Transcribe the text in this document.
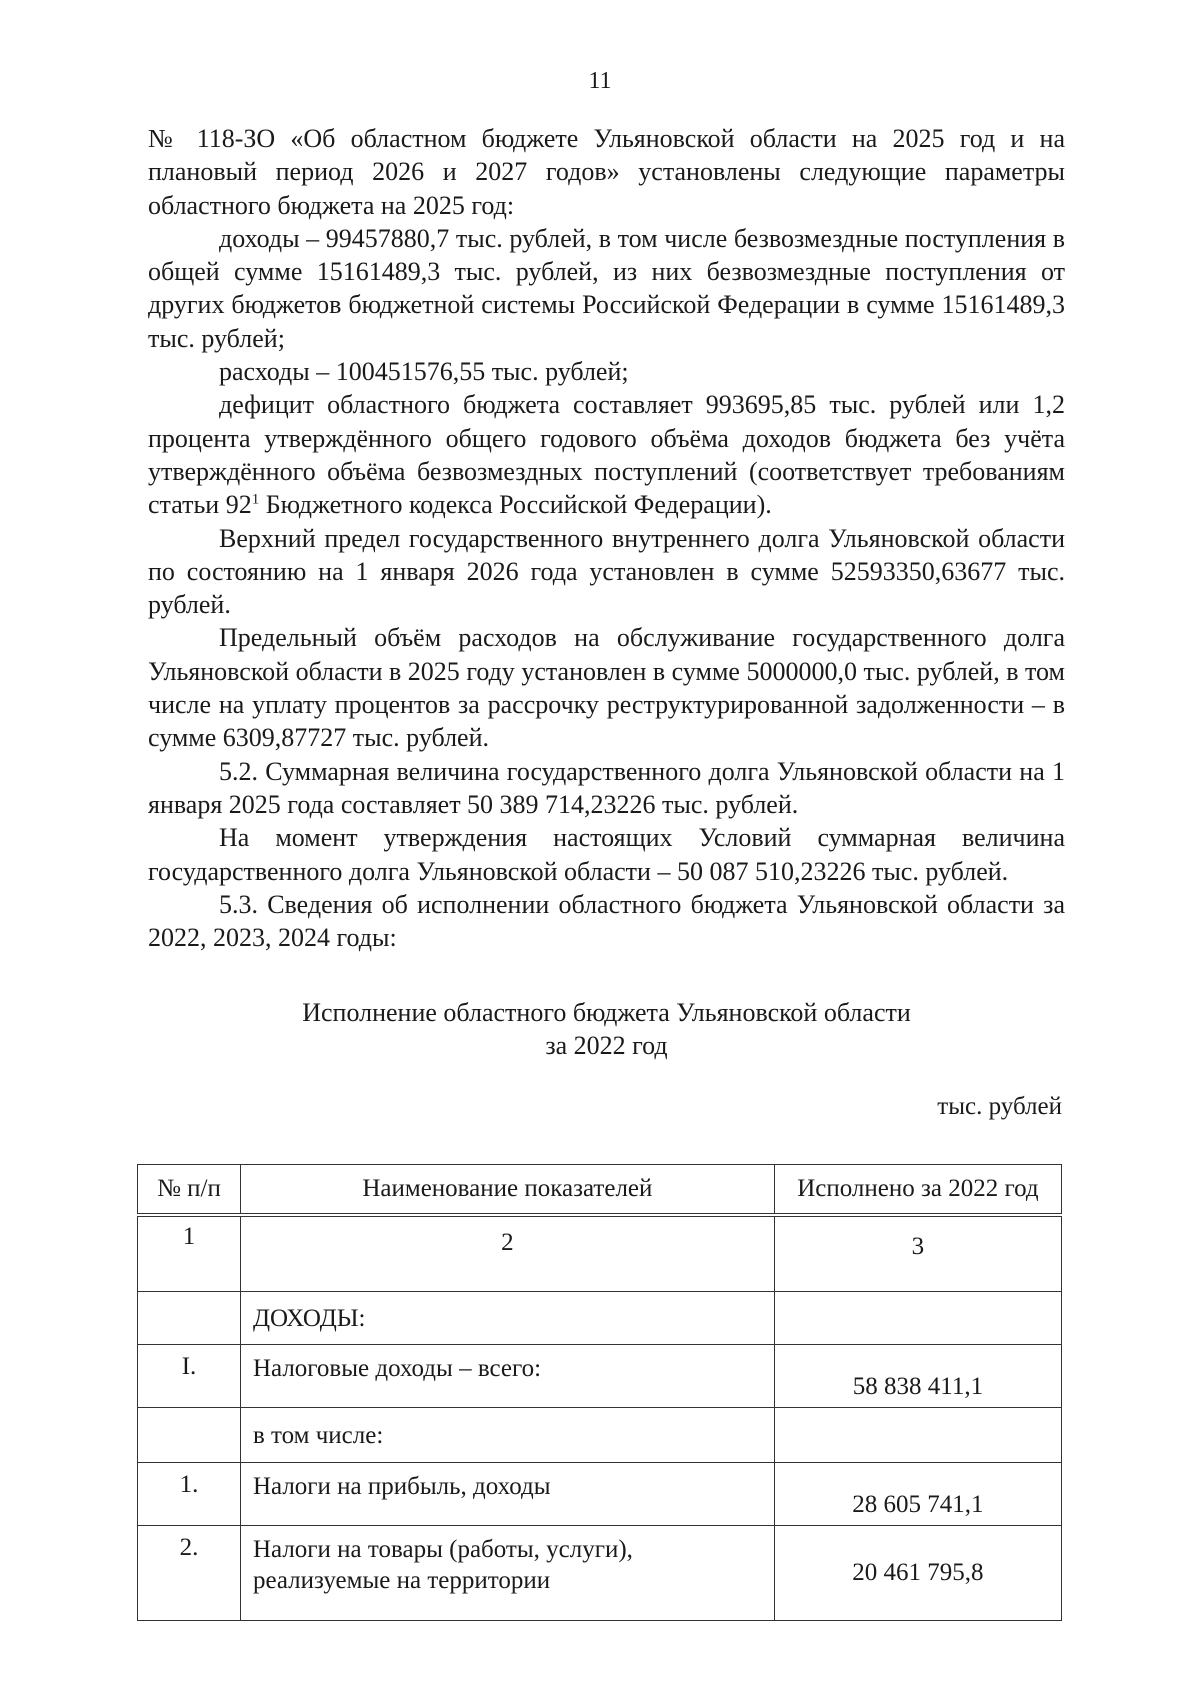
11

№ 118-ЗО «Об областном бюджете Ульяновской области на 2025 год и на плановый период 2026 и 2027 годов» установлены следующие параметры областного бюджета на 2025 год:

доходы – 99457880,7 тыс. рублей, в том числе безвозмездные поступления в общей сумме 15161489,3 тыс. рублей, из них безвозмездные поступления от других бюджетов бюджетной системы Российской Федерации в сумме 15161489,3 тыс. рублей;

расходы – 100451576,55 тыс. рублей;

дефицит областного бюджета составляет 993695,85 тыс. рублей или 1,2 процента утверждённого общего годового объёма доходов бюджета без учёта утверждённого объёма безвозмездных поступлений (соответствует требованиям статьи $92^1$ Бюджетного кодекса Российской Федерации).

Верхний предел государственного внутреннего долга Ульяновской области по состоянию на 1 января 2026 года установлен в сумме 52593350,63677 тыс. рублей.

Предельный объём расходов на обслуживание государственного долга Ульяновской области в 2025 году установлен в сумме 5000000,0 тыс. рублей, в том числе на уплату процентов за рассрочку реструктурированной задолженности – в сумме 6309,87727 тыс. рублей.

5.2. Суммарная величина государственного долга Ульяновской области на 1 января 2025 года составляет 50 389 714,23226 тыс. рублей.

На момент утверждения настоящих Условий суммарная величина государственного долга Ульяновской области – 50 087 510,23226 тыс. рублей.

5.3. Сведения об исполнении областного бюджета Ульяновской области за 2022, 2023, 2024 годы:

Исполнение областного бюджета Ульяновской области
за 2022 год
тыс. рублей
№ п/п	Наименование показателей	Исполнено за 2022 год
1	2	3
	ДОХОДЫ:	
I.	Налоговые доходы – всего:	58 838 411,1
	в том числе:	
1.	Налоги на прибыль, доходы	28 605 741,1
2.	Налоги на товары (работы, услуги), реализуемые на территории	20 461 795,8
